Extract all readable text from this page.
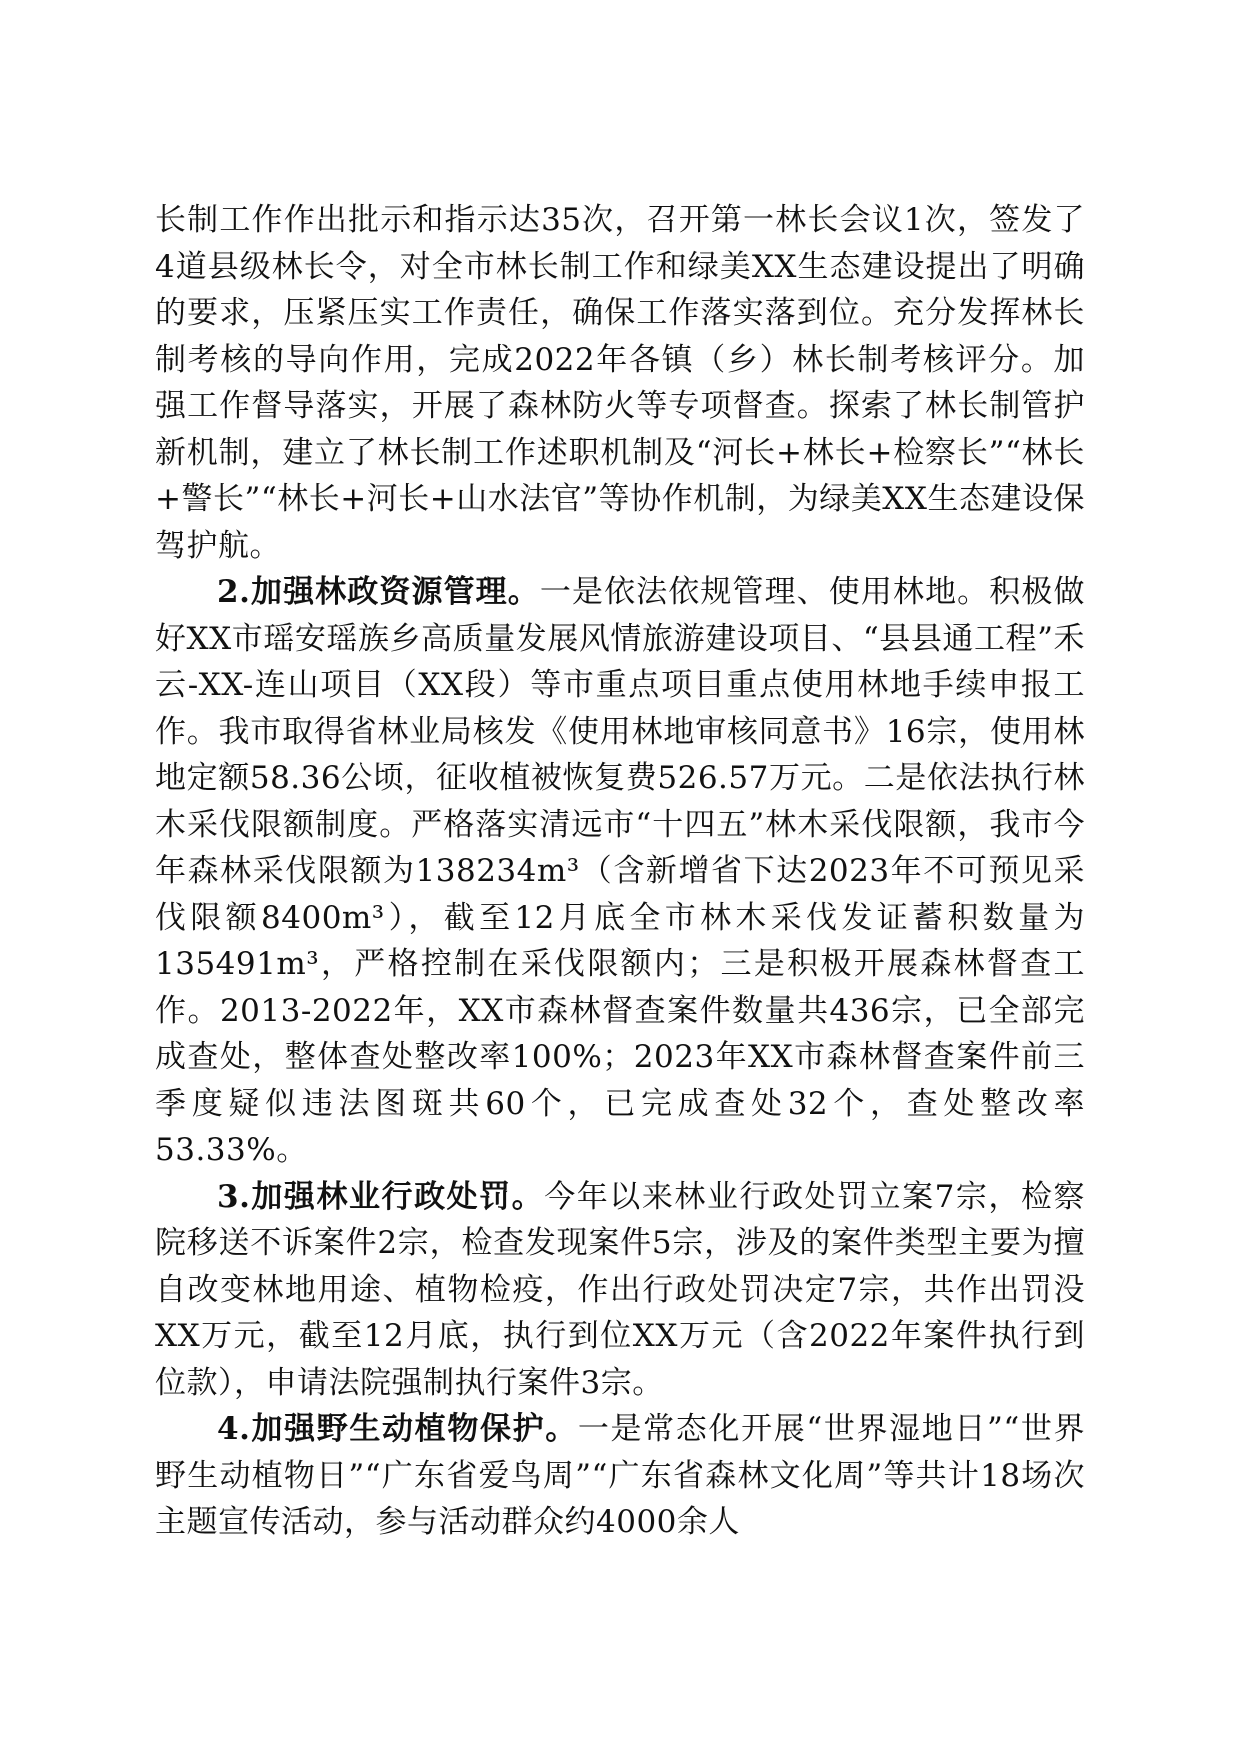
长制工作作出批示和指示达35次，召开第一林长会议1次，签发了4道县级林长令，对全市林长制工作和绿美XX生态建设提出了明确的要求，压紧压实工作责任，确保工作落实落到位。充分发挥林长制考核的导向作用，完成2022年各镇（乡）林长制考核评分。加强工作督导落实，开展了森林防火等专项督查。探索了林长制管护新机制，建立了林长制工作述职机制及“河长+林长+检察长”“林长+警长”“林长+河长+山水法官”等协作机制，为绿美XX生态建设保驾护航。

2.加强林政资源管理。一是依法依规管理、使用林地。积极做好XX市瑶安瑶族乡高质量发展风情旅游建设项目、“县县通工程”禾云-XX-连山项目（XX段）等市重点项目重点使用林地手续申报工作。我市取得省林业局核发《使用林地审核同意书》16宗，使用林地定额58.36公顷，征收植被恢复费526.57万元。二是依法执行林木采伐限额制度。严格落实清远市“十四五”林木采伐限额，我市今年森林采伐限额为138234m³（含新增省下达2023年不可预见采伐限额8400m³），截至12月底全市林木采伐发证蓄积数量为135491m³，严格控制在采伐限额内；三是积极开展森林督查工作。2013-2022年，XX市森林督查案件数量共436宗，已全部完成查处，整体查处整改率100%；2023年XX市森林督查案件前三季度疑似违法图斑共60个，已完成查处32个，查处整改率53.33%。

3.加强林业行政处罚。今年以来林业行政处罚立案7宗，检察院移送不诉案件2宗，检查发现案件5宗，涉及的案件类型主要为擅自改变林地用途、植物检疫，作出行政处罚决定7宗，共作出罚没XX万元，截至12月底，执行到位XX万元（含2022年案件执行到位款），申请法院强制执行案件3宗。

4.加强野生动植物保护。一是常态化开展“世界湿地日”“世界野生动植物日”“广东省爱鸟周”“广东省森林文化周”等共计18场次主题宣传活动，参与活动群众约4000余人
